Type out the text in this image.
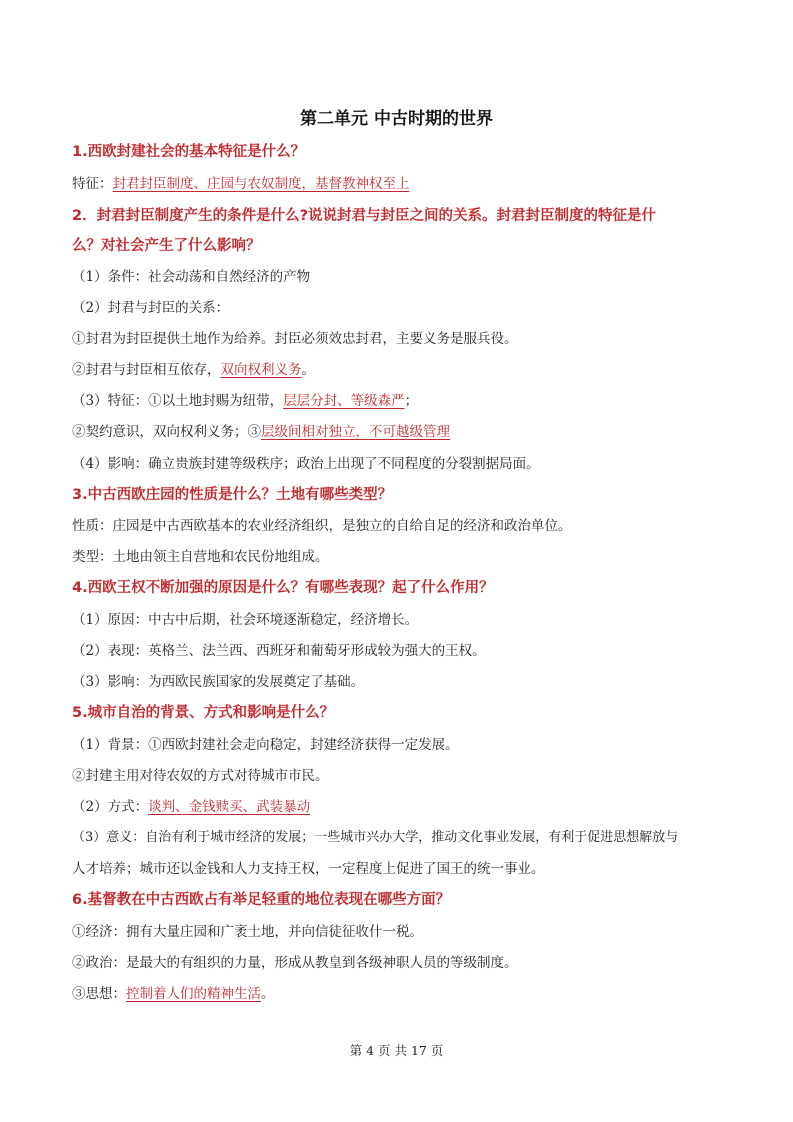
第二单元 中古时期的世界
1.西欧封建社会的基本特征是什么？
特征：封君封臣制度、庄园与农奴制度，基督教神权至上
2．封君封臣制度产生的条件是什么?说说封君与封臣之间的关系。封君封臣制度的特征是什
么？对社会产生了什么影响？
（1）条件：社会动荡和自然经济的产物
（2）封君与封臣的关系：
①封君为封臣提供土地作为给养。封臣必须效忠封君，主要义务是服兵役。
②封君与封臣相互依存，双向权利义务。
（3）特征：①以土地封赐为纽带，层层分封、等级森严；
②契约意识，双向权利义务；③层级间相对独立，不可越级管理
（4）影响：确立贵族封建等级秩序；政治上出现了不同程度的分裂割据局面。
3.中古西欧庄园的性质是什么？土地有哪些类型？
性质：庄园是中古西欧基本的农业经济组织，是独立的自给自足的经济和政治单位。
类型：土地由领主自营地和农民份地组成。
4.西欧王权不断加强的原因是什么？有哪些表现？起了什么作用？
（1）原因：中古中后期，社会环境逐渐稳定，经济增长。
（2）表现：英格兰、法兰西、西班牙和葡萄牙形成较为强大的王权。
（3）影响：为西欧民族国家的发展奠定了基础。
5.城市自治的背景、方式和影响是什么？
（1）背景：①西欧封建社会走向稳定，封建经济获得一定发展。
②封建主用对待农奴的方式对待城市市民。
（2）方式：谈判、金钱赎买、武装暴动
（3）意义：自治有利于城市经济的发展；一些城市兴办大学，推动文化事业发展，有利于促进思想解放与
人才培养；城市还以金钱和人力支持王权，一定程度上促进了国王的统一事业。
6.基督教在中古西欧占有举足轻重的地位表现在哪些方面？
①经济：拥有大量庄园和广袤土地，并向信徒征收什一税。
②政治：是最大的有组织的力量，形成从教皇到各级神职人员的等级制度。
③思想：控制着人们的精神生活。
第 4 页 共 17 页
